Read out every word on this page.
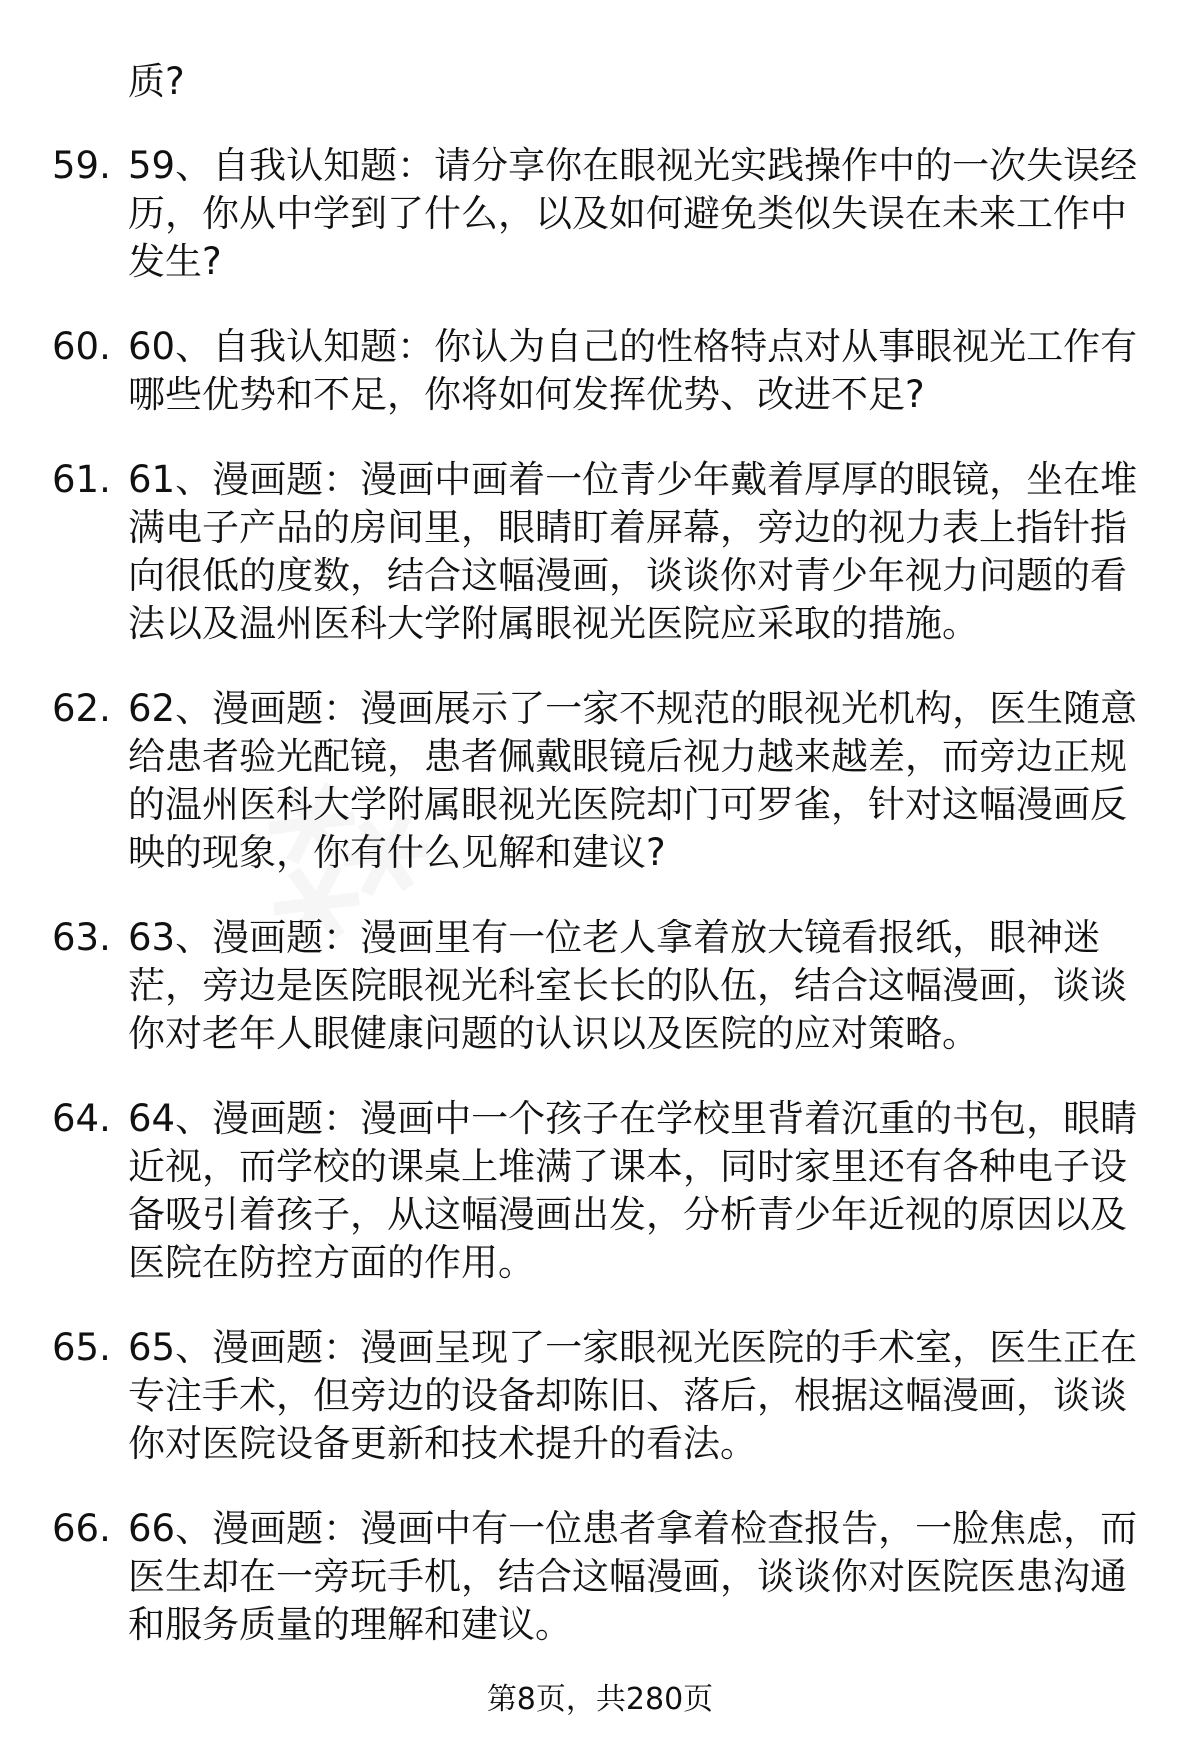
质?
59. 59、自我认知题：请分享你在眼视光实践操作中的一次失误经历，你从中学到了什么，以及如何避免类似失误在未来工作中发生?
60. 60、自我认知题：你认为自己的性格特点对从事眼视光工作有哪些优势和不足，你将如何发挥优势、改进不足?
61. 61、漫画题：漫画中画着一位青少年戴着厚厚的眼镜，坐在堆满电子产品的房间里，眼睛盯着屏幕，旁边的视力表上指针指向很低的度数，结合这幅漫画，谈谈你对青少年视力问题的看法以及温州医科大学附属眼视光医院应采取的措施。
62. 62、漫画题：漫画展示了一家不规范的眼视光机构，医生随意给患者验光配镜，患者佩戴眼镜后视力越来越差，而旁边正规的温州医科大学附属眼视光医院却门可罗雀，针对这幅漫画反映的现象，你有什么见解和建议?
63. 63、漫画题：漫画里有一位老人拿着放大镜看报纸，眼神迷茫，旁边是医院眼视光科室长长的队伍，结合这幅漫画，谈谈你对老年人眼健康问题的认识以及医院的应对策略。
64. 64、漫画题：漫画中一个孩子在学校里背着沉重的书包，眼睛近视，而学校的课桌上堆满了课本，同时家里还有各种电子设备吸引着孩子，从这幅漫画出发，分析青少年近视的原因以及医院在防控方面的作用。
65. 65、漫画题：漫画呈现了一家眼视光医院的手术室，医生正在专注手术，但旁边的设备却陈旧、落后，根据这幅漫画，谈谈你对医院设备更新和技术提升的看法。
66. 66、漫画题：漫画中有一位患者拿着检查报告，一脸焦虑，而医生却在一旁玩手机，结合这幅漫画，谈谈你对医院医患沟通和服务质量的理解和建议。
第8页，共280页
